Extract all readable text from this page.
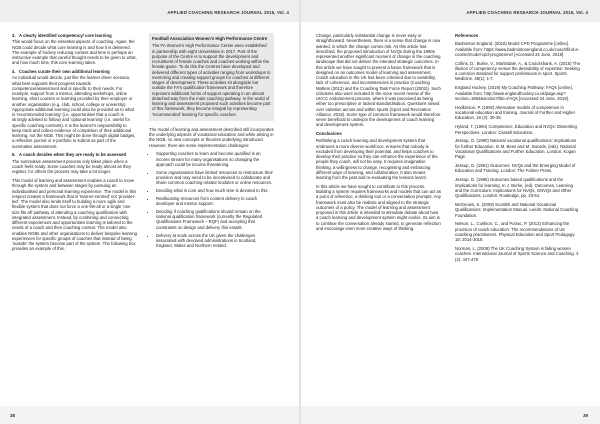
APPLIED COACHING RESEARCH JOURNAL 2016, Vol. 4
3. A clearly identified competency/ core learning

This would focus on the essential aspects of coaching. Again, the NGB could decide what core learning is and how it is delivered. The example of hockey reducing content and time is perhaps an instructive example that careful thought needs to be given to what, and how much time, this core learning takes.

4. Coaches curate their own additional learning

An individual would decide, just like the learner driver scenario, what best supports their progress towards competence/assessment and is specific to their needs. For example, support from a mentor, attending workshops, online learning, short courses or learning provided by their employer or another organisation (e.g. club, school, college or university). Appropriate additional learning could also be provided as to what is 'recommended learning' (i.e. opportunities that a coach is strongly advised to follow) and 'optional learning' (i.e. useful for specific coaching contexts). It is the learner's responsibility to keep track and collect evidence of completion of their additional learning, not the NGB. This might be done through digital badges, a reflective journal or e-portfolio to submit as part of the summative assessment.

5. A coach decides when they are ready to be assessed

The summative assessment process only takes place when a coach feels ready. Some coaches may be ready almost as they register, for others the process may take a lot longer.

This model of learning and assessment enables a coach to move through the system and between stages by pursuing an individualised and personal learning experience. The model in this respect creates a framework that is 'learner-centred' not 'provider-led'. The model also lends itself to building a more agile and flexible system that does not force a one-fits-all or a single 'one size fits all' pathway of attending a coaching qualification with integrated assessment. Instead, by combining and connecting different experiences and opportunities learning is tailored to the needs of a coach and their coaching context. The model also enables NGBs and other organisations to deliver bespoke learning experiences for specific groups of coaches that instead of being 'outside' the system become part of the system. The following box provides an example of this.

Football Association Women's High Performance Centre

The FA Women's High Performance Centre were established in partnership with eight Universities in 2017. Part of the purpose of the Centre is to support the development and recruitment of female coaches and coaches working within the female game. To do this the Centres have developed and delivered different types of activities ranging from workshops to mentoring and creating support groups for coaches at different stages of development. These activities sit alongside but outside the FA's qualification framework and therefore represent additional forms of support operating in an almost detached way from the main coaching pathway. In the world of learning and assessment proposed such activities become part of this framework, they become integral by representing 'recommended' learning for specific coaches.

The model of learning and assessment described still incorporates the underlying aspects of vocational education and while arising in the NGB, no new concepts or theories underlying introduced. However, there are some implementation challenges:

• Supporting coaches to learn and become qualified is an income stream for many organisations so changing the approach could be income threatening.
• Some organisations have limited resources to restructure their provision and may need to be incentivised to collaborate and share common coaching related modules or online resources.
• Deciding what is core and how much time is devoted to this.
• Reallocating resources from content delivery to coach developer and mentor support.
• Deciding if coaching qualifications should remain on the national qualification framework (currently the Regulated Qualifications Framework – RQF) and accepting that constraints on design and delivery this entails.
• Delivery at scale across the UK given the challenges associated with devolved administrations in Scotland, England, Wales and Northern Ireland.
38
APPLIED COACHING RESEARCH JOURNAL 2016, Vol. 4

Change, particularly substantial change is never easy or straightforward. Nevertheless, there is a sense that change is now wanted, in which the change comes risk. As this article has described, the proposed introduction of NVQs during the 1990s represented another significant moment of change in the coaching landscape that did not deliver the intended strategic outcomes. In this article we have sought to present a future framework that is designed on an outcomes model of learning and assessment. Coach education in the UK has been criticised due to variability, lack of coherence, and inconsistencies in practice (Coaching Matters (2012) and the Coaching Task Force Report (2002)). Such criticisms also were included in the more recent review of the UKCC endorsement process, where it was perceived as being either too prescriptive or lacked standardisation. Questions raised over variation across and within sports (Sport and Recreation Alliance, 2018). Some type of common framework would therefore seem beneficial to underpin the development of coach learning and development system.

Conclusions

Rethinking a coach learning and development system that embraces a more diverse workforce, ensures that nobody is excluded from developing their potential, and helps coaches to develop their practice so they can enhance the experience of the people they coach, will not be easy. It requires imaginative thinking, a willingness to change, recognising and embracing different ways of learning, and collaboration. It also means learning from the past and re-evaluating the lessons learnt.

In this article we have sought to contribute to this process. Building a system requires frameworks and models that can act as a point of reference, a thinking tool or a conversation prompts. Any framework must also be realistic and aligned to the strategic outcomes of a policy. The model of learning and assessment proposed in this article is intended to stimulate debate about how a coach learning and development system might evolve. Its aim is to continue the conversation already started, to generate reflection and encourage even more creative ways of thinking.

References

Badminton England. (2018) Model CPD Programme [online]. Available from: https://www.badmintonengland.co.uk/coach/find-a-course/model-cpd-programme/ [Accessed 24 June, 2019].

Collins, D., Burke, V., Martindale, A., & Cruickshank, A. (2015) The illusion of competency versus the desirability of expertise: Seeking a common standard for support professions in sport. Sports Medicine. 45(1): 1-7.

England Hockey. (2019) My Coaching Pathway: FAQs [online]. Available from: http://www.englandhockey.co.uk/page.asp?section=1994&sectionTitle=FAQs [Accessed 24 June, 2019].

Hodkinson, P. (1992) Alternative models of competence in vocational education and training. Journal of Further and Higher Education. 16 (2): 30-39.

Hyland, T. (1994) Competence, Education and NVQs: Dissenting Perspectives. London: Cassell Education.

Jessup, G. (1990) National vocational qualifications: implications for further Education. In M. Bees and M. Swords, (eds). National Vocational Qualifications and Further Education. London: Kogan Page.

Jessup, G. (1991) Outcomes: NVQs and the Emerging Model of Education and Training. London: The Falmer Press.

Jessup, G. (1995) Outcomes based qualifications and the implications for learning. In J. Burke, (ed). Outcomes, Learning and the Curriculum: Implications for NVQs, GNVQs and Other Qualifications. London: Routledge, pp. 33-54.

McGeown, S. (2009) Scottish and National Vocational Qualifications: Implementation Manual. Leeds: National Coaching Foundation.

Nelson, L., Cushion, C., and Potrac, P. (2013) Enhancing the provision of coach education: The recommendations of UK coaching practitioners. Physical Education and Sport Pedagogy. 18: 2014-2018.

Norman, L. (2008) The UK Coaching System is failing women coaches. International Journal of Sports Science and Coaching. 3 (4): 447-476

39
